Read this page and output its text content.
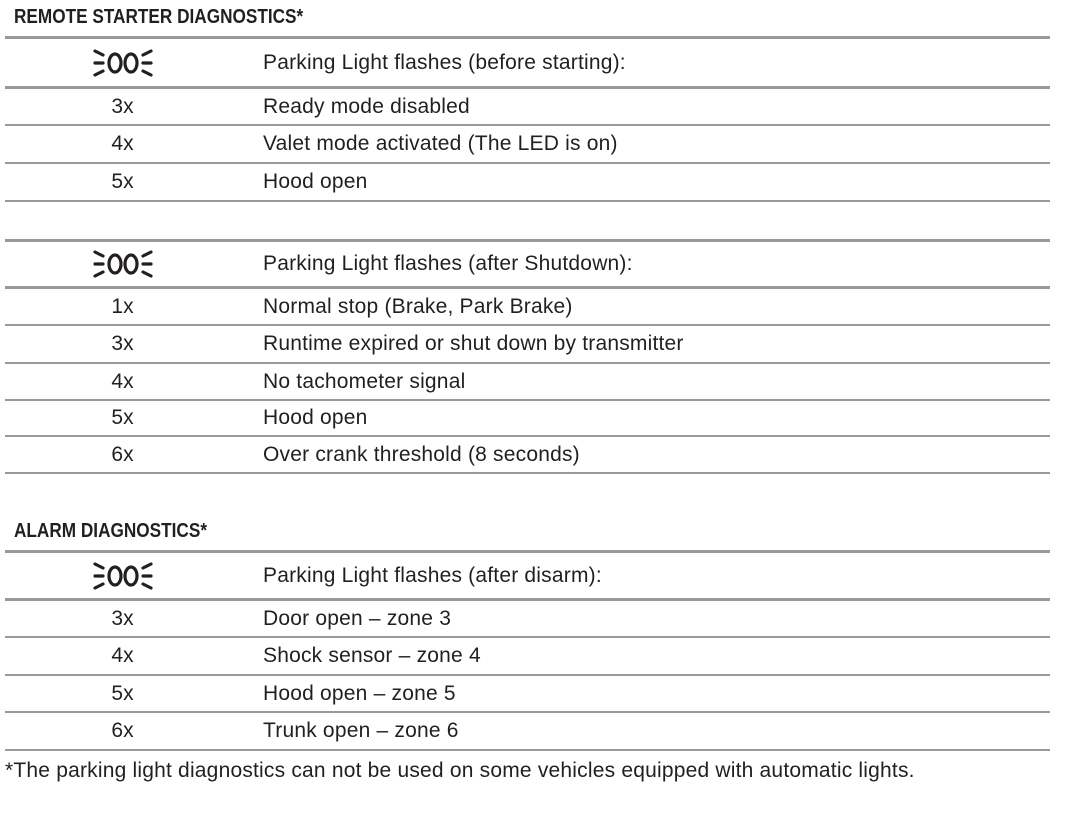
REMOTE STARTER DIAGNOSTICS*
Parking Light flashes (before starting):
3x	Ready mode disabled
4x	Valet mode activated (The LED is on)
5x	Hood open
Parking Light flashes (after Shutdown):
1x	Normal stop (Brake, Park Brake)
3x	Runtime expired or shut down by transmitter
4x	No tachometer signal
5x	Hood open
6x	Over crank threshold (8 seconds)
ALARM DIAGNOSTICS*
Parking Light flashes (after disarm):
3x	Door open – zone 3
4x	Shock sensor – zone 4
5x	Hood open – zone 5
6x	Trunk open – zone 6
*The parking light diagnostics can not be used on some vehicles equipped with automatic lights.
